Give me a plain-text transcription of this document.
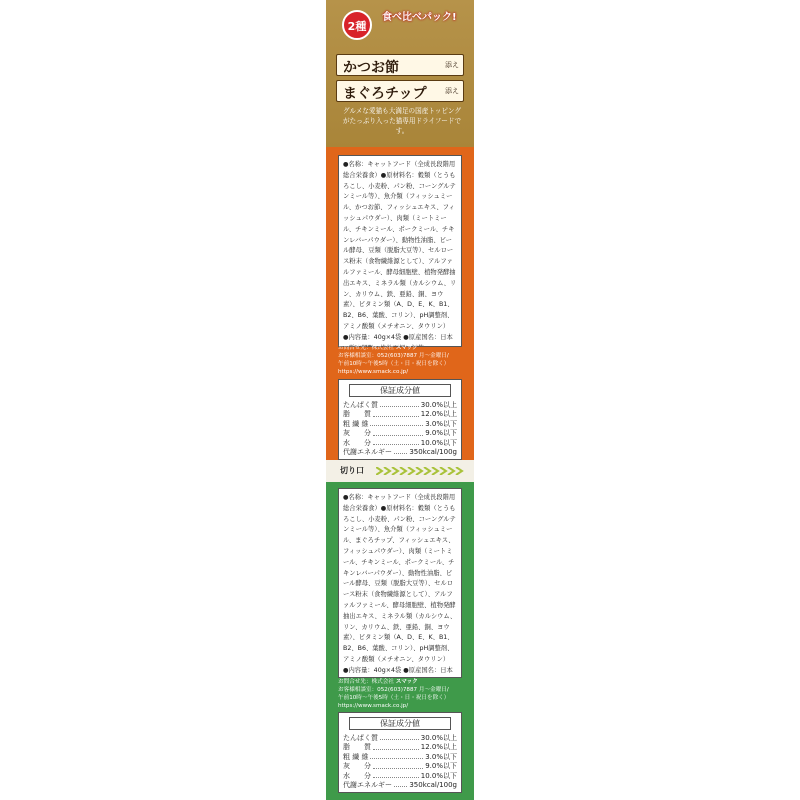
2種
食べ比べパック!
かつお節	添え
まぐろチップ	添え
グルメな愛猫も大満足の国産トッピングがたっぷり入った猫専用ドライフードです。

●名称：キャットフード（全成長段階用総合栄養食）●原材料名：穀類（とうもろこし、小麦粉、パン粉、コーングルテンミール等）、魚介類（フィッシュミール、かつお節、フィッシュエキス、フィッシュパウダー）、肉類（ミートミール、チキンミール、ポークミール、チキンレバーパウダー）、動物性油脂、ビール酵母、豆類（脱脂大豆等）、セルロース粉末（食物繊維源として）、アルファルファミール、酵母細胞壁、植物発酵抽出エキス、ミネラル類（カルシウム、リン、カリウム、鉄、亜鉛、銅、ヨウ素）、ビタミン類（A、D、E、K、B1、B2、B6、葉酸、コリン）、pH調整剤、アミノ酸類（メチオニン、タウリン）

●内容量：40g×4袋 ●原産国名：日本

お問合せ先：株式会社 スマック
お客様相談室：052(603)7887 月～金曜日/
午前10時～午後5時（土・日・祝日を除く）
https://www.smack.co.jp/
保証成分値
たんぱく質	30.0%以上
脂　　質	12.0%以上
粗 繊 維	3.0%以下
灰　　分	9.0%以下
水　　分	10.0%以下
代謝エネルギー 350kcal/100g
切り口

●名称：キャットフード（全成長段階用総合栄養食）●原材料名：穀類（とうもろこし、小麦粉、パン粉、コーングルテンミール等）、魚介類（フィッシュミール、まぐろチップ、フィッシュエキス、フィッシュパウダー）、肉類（ミートミール、チキンミール、ポークミール、チキンレバーパウダー）、動物性油脂、ビール酵母、豆類（脱脂大豆等）、セルロース粉末（食物繊維源として）、アルファルファミール、酵母細胞壁、植物発酵抽出エキス、ミネラル類（カルシウム、リン、カリウム、鉄、亜鉛、銅、ヨウ素）、ビタミン類（A、D、E、K、B1、B2、B6、葉酸、コリン）、pH調整剤、アミノ酸類（メチオニン、タウリン）

●内容量：40g×4袋 ●原産国名：日本

お問合せ先：株式会社 スマック
お客様相談室：052(603)7887 月～金曜日/
午前10時～午後5時（土・日・祝日を除く）
https://www.smack.co.jp/
保証成分値
たんぱく質	30.0%以上
脂　　質	12.0%以上
粗 繊 維	3.0%以下
灰　　分	9.0%以下
水　　分	10.0%以下
代謝エネルギー 350kcal/100g
